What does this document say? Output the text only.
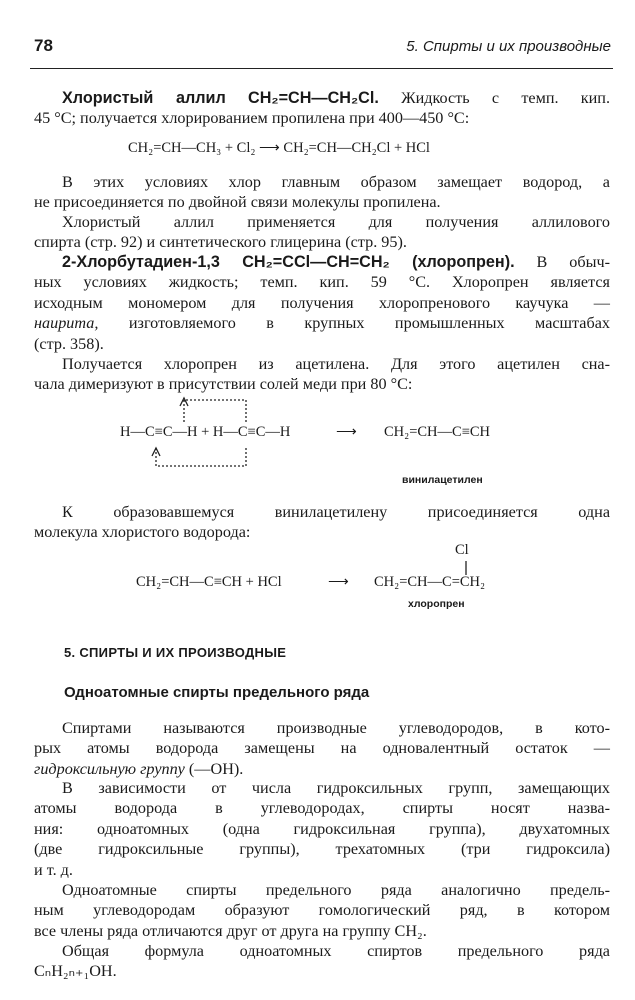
78	5. Спирты и их производные
Хлористый аллил CH₂=CH—CH₂Cl. Жидкость с темп. кип.
45 °С; получается хлорированием пропилена при 400—450 °С:
CH₂=CH—CH₃ + Cl₂ ⟶ CH₂=CH—CH₂Cl + HCl
В этих условиях хлор главным образом замещает водород, а
не присоединяется по двойной связи молекулы пропилена.
Хлористый аллил применяется для получения аллилового
спирта (стр. 92) и синтетического глицерина (стр. 95).
2-Хлорбутадиен-1,3 CH₂=CCl—CH=CH₂ (хлоропрен). В обыч-
ных условиях жидкость; темп. кип. 59 °С. Хлоропрен является
исходным мономером для получения хлоропренового каучука —
наирита, изготовляемого в крупных промышленных масштабах
(стр. 358).
Получается хлоропрен из ацетилена. Для этого ацетилен сна-
чала димеризуют в присутствии солей меди при 80 °С:
H—C≡C—H + H—C≡C—H	⟶ CH₂=CH—C≡CH
винилацетилен
К образовавшемуся винилацетилену присоединяется одна
молекула хлористого водорода:
Cl
CH₂=CH—C≡CH + HCl	⟶ CH₂=CH—C=CH₂
хлоропрен
5. СПИРТЫ И ИХ ПРОИЗВОДНЫЕ
Одноатомные спирты предельного ряда
Спиртами называются производные углеводородов, в кото-
рых атомы водорода замещены на одновалентный остаток —
гидроксильную группу (—OH).
В зависимости от числа гидроксильных групп, замещающих
атомы водорода в углеводородах, спирты носят назва-
ния: одноатомных (одна гидроксильная группа), двухатомных
(две гидроксильные группы), трехатомных (три гидроксила)
и т. д.
Одноатомные спирты предельного ряда аналогично предель-
ным углеводородам образуют гомологический ряд, в котором
все члены ряда отличаются друг от друга на группу CH₂.
Общая формула одноатомных спиртов предельного ряда
CₙH₂ₙ₊₁OH.
